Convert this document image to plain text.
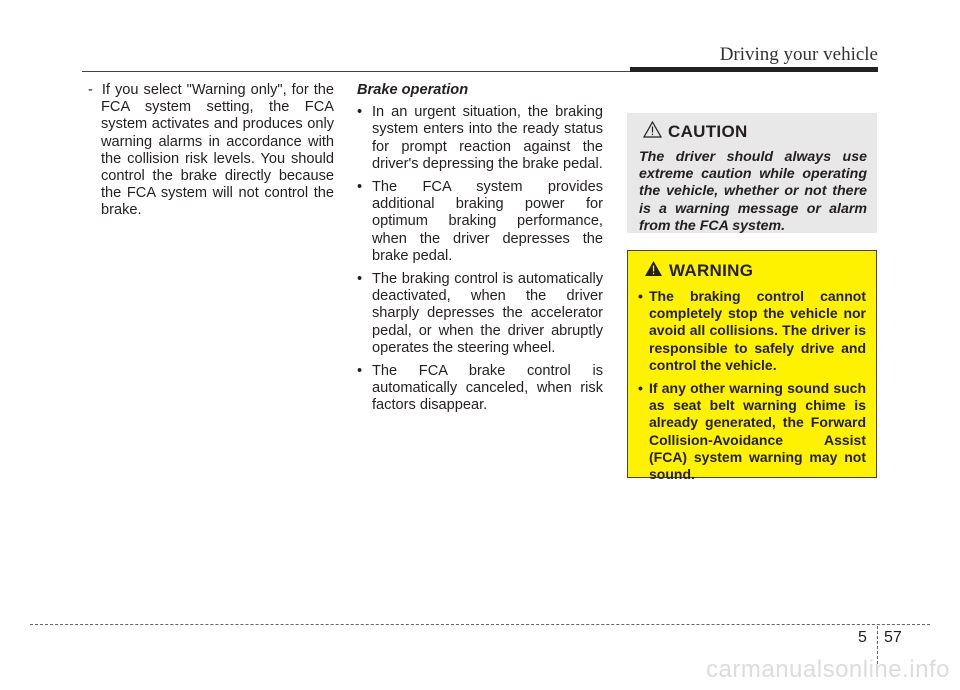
Driving your vehicle

- If you select "Warning only", for the FCA system setting, the FCA system activates and produces only warning alarms in accordance with the collision risk levels. You should control the brake directly because the FCA system will not control the brake.

Brake operation

• In an urgent situation, the braking system enters into the ready status for prompt reaction against the driver's depressing the brake pedal.
• The FCA system provides additional braking power for optimum braking performance, when the driver depresses the brake pedal.
• The braking control is automatically deactivated, when the driver sharply depresses the accelerator pedal, or when the driver abruptly operates the steering wheel.
• The FCA brake control is automatically canceled, when risk factors disappear.
CAUTION
The driver should always use extreme caution while operating the vehicle, whether or not there is a warning message or alarm from the FCA system.
WARNING
• The braking control cannot completely stop the vehicle nor avoid all collisions. The driver is responsible to safely drive and control the vehicle.
• If any other warning sound such as seat belt warning chime is already generated, the Forward Collision-Avoidance Assist (FCA) system warning may not sound.
5 57
carmanualsonline.info
